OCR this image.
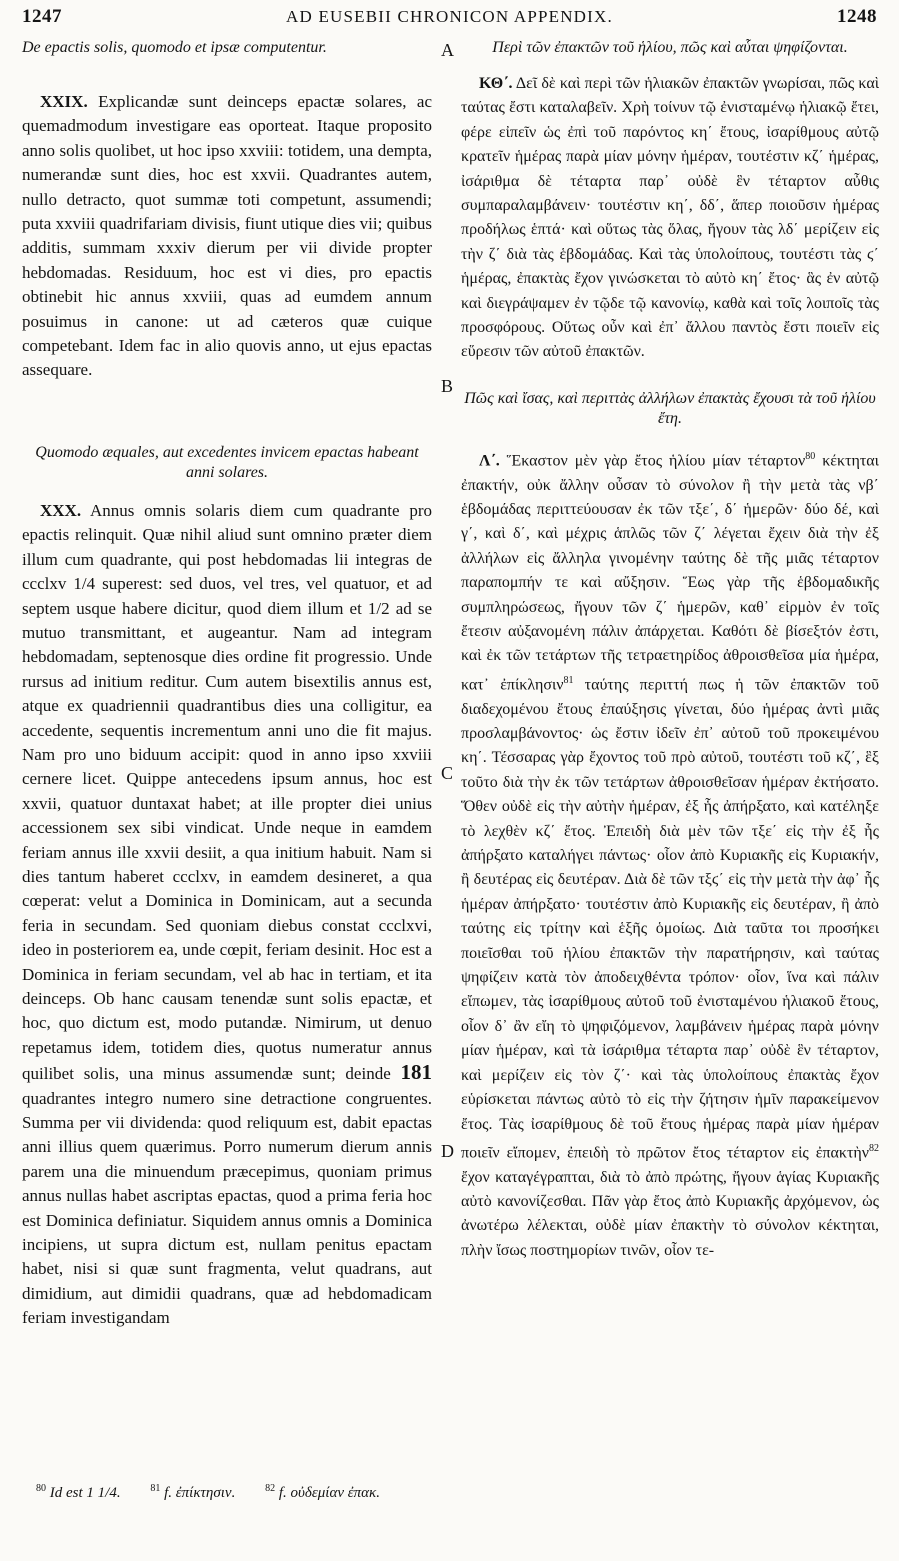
1247	AD EUSEBII CHRONICON APPENDIX.	1248
A
B
C
D

De epactis solis, quomodo et ipsæ computentur.

XXIX. Explicandæ sunt deinceps epactæ solares, ac quemadmodum investigare eas oporteat. Itaque proposito anno solis quolibet, ut hoc ipso xxviii: totidem, una dempta, numerandæ sunt dies, hoc est xxvii. Quadrantes autem, nullo detracto, quot summæ toti competunt, assumendi; puta xxviii quadrifariam divisis, fiunt utique dies vii; quibus additis, summam xxxiv dierum per vii divide propter hebdomadas. Residuum, hoc est vi dies, pro epactis obtinebit hic annus xxviii, quas ad eumdem annum posuimus in canone: ut ad cæteros quæ cuique competebant. Idem fac in alio quovis anno, ut ejus epactas assequare.

Quomodo æquales, aut excedentes invicem epactas habeant anni solares.

XXX. Annus omnis solaris diem cum quadrante pro epactis relinquit. Quæ nihil aliud sunt omnino præter diem illum cum quadrante, qui post hebdomadas lii integras de ccclxv 1/4 superest: sed duos, vel tres, vel quatuor, et ad septem usque habere dicitur, quod diem illum et 1/2 ad se mutuo transmittant, et augeantur. Nam ad integram hebdomadam, septenosque dies ordine fit progressio. Unde rursus ad initium reditur. Cum autem bisextilis annus est, atque ex quadriennii quadrantibus dies una colligitur, ea accedente, sequentis incrementum anni uno die fit majus. Nam pro uno biduum accipit: quod in anno ipso xxviii cernere licet. Quippe antecedens ipsum annus, hoc est xxvii, quatuor duntaxat habet; at ille propter diei unius accessionem sex sibi vindicat. Unde neque in eamdem feriam annus ille xxvii desiit, a qua initium habuit. Nam si dies tantum haberet ccclxv, in eamdem desineret, a qua cœperat: velut a Dominica in Dominicam, aut a secunda feria in secundam. Sed quoniam diebus constat ccclxvi, ideo in posteriorem ea, unde cœpit, feriam desinit. Hoc est a Dominica in feriam secundam, vel ab hac in tertiam, et ita deinceps. Ob hanc causam tenendæ sunt solis epactæ, et hoc, quo dictum est, modo putandæ. Nimirum, ut denuo repetamus idem, totidem dies, quotus numeratur annus quilibet solis, una minus assumendæ sunt; deinde 181 quadrantes integro numero sine detractione congruentes. Summa per vii dividenda: quod reliquum est, dabit epactas anni illius quem quærimus. Porro numerum dierum annis parem una die minuendum præcepimus, quoniam primus annus nullas habet ascriptas epactas, quod a prima feria hoc est Dominica definiatur. Siquidem annus omnis a Dominica incipiens, ut supra dictum est, nullam penitus epactam habet, nisi si quæ sunt fragmenta, velut quadrans, aut dimidium, aut dimidii quadrans, quæ ad hebdomadicam feriam investigandam

Περὶ τῶν ἐπακτῶν τοῦ ἡλίου, πῶς καὶ αὗται ψηφίζονται.

ΚΘ΄. Δεῖ δὲ καὶ περὶ τῶν ἡλιακῶν ἐπακτῶν γνωρίσαι, πῶς καὶ ταύτας ἔστι καταλαβεῖν. Χρὴ τοίνυν τῷ ἐνισταμένῳ ἡλιακῷ ἔτει, φέρε εἰπεῖν ὡς ἐπὶ τοῦ παρόντος κη΄ ἔτους, ἰσαρίθμους αὐτῷ κρατεῖν ἡμέρας παρὰ μίαν μόνην ἡμέραν, τουτέστιν κζ΄ ἡμέρας, ἰσάριθμα δὲ τέταρτα παρ᾽ οὐδὲ ἓν τέταρτον αὖθις συμπαραλαμβάνειν· τουτέστιν κη΄, δδ΄, ἅπερ ποιοῦσιν ἡμέρας προδήλως ἑπτά· καὶ οὕτως τὰς ὅλας, ἤγουν τὰς λδ΄ μερίζειν εἰς τὴν ζ΄ διὰ τὰς ἑβδομάδας. Καὶ τὰς ὑπολοίπους, τουτέστι τὰς ϛ΄ ἡμέρας, ἐπακτὰς ἔχον γινώσκεται τὸ αὐτὸ κη΄ ἔτος· ἃς ἐν αὐτῷ καὶ διεγράψαμεν ἐν τῷδε τῷ κανονίῳ, καθὰ καὶ τοῖς λοιποῖς τὰς προσφόρους. Οὕτως οὖν καὶ ἐπ᾽ ἄλλου παντὸς ἔστι ποιεῖν εἰς εὕρεσιν τῶν αὐτοῦ ἐπακτῶν.

Πῶς καὶ ἴσας, καὶ περιττὰς ἀλλήλων ἐπακτὰς ἔχουσι τὰ τοῦ ἡλίου ἔτη.

Λ΄. Ἕκαστον μὲν γὰρ ἔτος ἡλίου μίαν τέταρτον$^{80}$ κέκτηται ἐπακτήν, οὐκ ἄλλην οὖσαν τὸ σύνολον ἢ τὴν μετὰ τὰς νβ΄ ἑβδομάδας περιττεύουσαν ἐκ τῶν τξε΄, δ΄ ἡμερῶν· δύο δέ, καὶ γ΄, καὶ δ΄, καὶ μέχρις ἁπλῶς τῶν ζ΄ λέγεται ἔχειν διὰ τὴν ἐξ ἀλλήλων εἰς ἄλληλα γινομένην ταύτης δὲ τῆς μιᾶς τέταρτον παραπομπήν τε καὶ αὔξησιν. Ἕως γὰρ τῆς ἑβδομαδικῆς συμπληρώσεως, ἤγουν τῶν ζ΄ ἡμερῶν, καθ᾽ εἱρμὸν ἐν τοῖς ἔτεσιν αὐξανομένη πάλιν ἀπάρχεται. Καθότι δὲ βίσεξτόν ἐστι, καὶ ἐκ τῶν τετάρτων τῆς τετραετηρίδος ἀθροισθεῖσα μία ἡμέρα, κατ᾽ ἐπίκλησιν$^{81}$ ταύτης περιττή πως ἡ τῶν ἐπακτῶν τοῦ διαδεχομένου ἔτους ἐπαύξησις γίνεται, δύο ἡμέρας ἀντὶ μιᾶς προσλαμβάνοντος· ὡς ἔστιν ἰδεῖν ἐπ᾽ αὐτοῦ τοῦ προκειμένου κη΄. Τέσσαρας γὰρ ἔχοντος τοῦ πρὸ αὐτοῦ, τουτέστι τοῦ κζ΄, ἓξ τοῦτο διὰ τὴν ἐκ τῶν τετάρτων ἀθροισθεῖσαν ἡμέραν ἐκτήσατο. Ὅθεν οὐδὲ εἰς τὴν αὐτὴν ἡμέραν, ἐξ ἧς ἀπήρξατο, καὶ κατέληξε τὸ λεχθὲν κζ΄ ἔτος. Ἐπειδὴ διὰ μὲν τῶν τξε΄ εἰς τὴν ἐξ ἧς ἀπήρξατο καταλήγει πάντως· οἷον ἀπὸ Κυριακῆς εἰς Κυριακήν, ἢ δευτέρας εἰς δευτέραν. Διὰ δὲ τῶν τξϛ΄ εἰς τὴν μετὰ τὴν ἀφ᾽ ἧς ἡμέραν ἀπήρξατο· τουτέστιν ἀπὸ Κυριακῆς εἰς δευτέραν, ἢ ἀπὸ ταύτης εἰς τρίτην καὶ ἑξῆς ὁμοίως. Διὰ ταῦτα τοι προσήκει ποιεῖσθαι τοῦ ἡλίου ἐπακτῶν τὴν παρατήρησιν, καὶ ταύτας ψηφίζειν κατὰ τὸν ἀποδειχθέντα τρόπον· οἷον, ἵνα καὶ πάλιν εἴπωμεν, τὰς ἰσαρίθμους αὐτοῦ τοῦ ἐνισταμένου ἡλιακοῦ ἔτους, οἷον δ᾽ ἂν εἴη τὸ ψηφιζόμενον, λαμβάνειν ἡμέρας παρὰ μόνην μίαν ἡμέραν, καὶ τὰ ἰσάριθμα τέταρτα παρ᾽ οὐδὲ ἓν τέταρτον, καὶ μερίζειν εἰς τὸν ζ΄· καὶ τὰς ὑπολοίπους ἐπακτὰς ἔχον εὑρίσκεται πάντως αὐτὸ τὸ εἰς τὴν ζήτησιν ἡμῖν παρακείμενον ἔτος. Τὰς ἰσαρίθμους δὲ τοῦ ἔτους ἡμέρας παρὰ μίαν ἡμέραν ποιεῖν εἴπομεν, ἐπειδὴ τὸ πρῶτον ἔτος τέταρτον εἰς ἐπακτὴν$^{82}$ ἔχον καταγέγραπται, διὰ τὸ ἀπὸ πρώτης, ἤγουν ἁγίας Κυριακῆς αὐτὸ κανονίζεσθαι. Πᾶν γὰρ ἔτος ἀπὸ Κυριακῆς ἀρχόμενον, ὡς ἀνωτέρω λέλεκται, οὐδὲ μίαν ἐπακτὴν τὸ σύνολον κέκτηται, πλὴν ἴσως ποστημορίων τινῶν, οἷον τε-

$^{80}$ Id est 1 1/4.	$^{81}$ f. ἐπίκτησιν.	$^{82}$ f. οὐδεμίαν ἐπακ.
